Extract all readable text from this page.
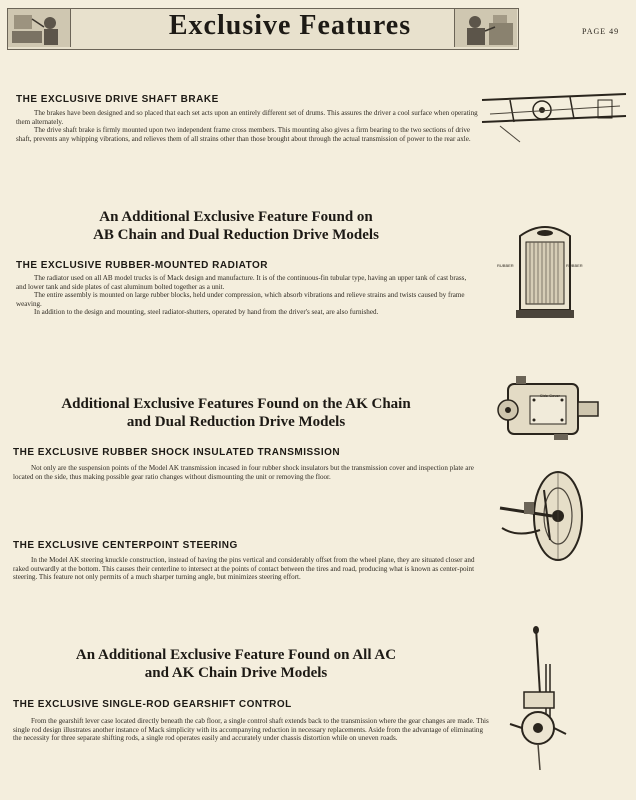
Exclusive Features	PAGE 49
THE EXCLUSIVE DRIVE SHAFT BRAKE

The brakes have been designed and so placed that each set acts upon an entirely different set of drums. This assures the driver a cool surface when operating them alternately.

The drive shaft brake is firmly mounted upon two independent frame cross members. This mounting also gives a firm bearing to the two sections of drive shaft, prevents any whipping vibrations, and relieves them of all strains other than those brought about through the actual transmission of power to the rear axle.

An Additional Exclusive Feature Found on
AB Chain and Dual Reduction Drive Models
THE EXCLUSIVE RUBBER-MOUNTED RADIATOR

The radiator used on all AB model trucks is of Mack design and manufacture. It is of the continuous-fin tubular type, having an upper tank of cast brass, and lower tank and side plates of cast aluminum bolted together as a unit.

The entire assembly is mounted on large rubber blocks, held under compression, which absorb vibrations and relieve strains and twists caused by frame weaving.

In addition to the design and mounting, steel radiator-shutters, operated by hand from the driver's seat, are also furnished.

RUBBER	RUBBER
Additional Exclusive Features Found on the AK Chain
and Dual Reduction Drive Models
Side Cover
THE EXCLUSIVE RUBBER SHOCK INSULATED TRANSMISSION

Not only are the suspension points of the Model AK transmission incased in four rubber shock insulators but the transmission cover and inspection plate are located on the side, thus making possible gear ratio changes without dismounting the unit or removing the floor.

THE EXCLUSIVE CENTERPOINT STEERING

In the Model AK steering knuckle construction, instead of having the pins vertical and considerably offset from the wheel plane, they are situated closer and raked outwardly at the bottom. This causes their centerline to intersect at the points of contact between the tires and road, producing what is known as center-point steering. This feature not only permits of a much sharper turning angle, but minimizes steering effort.

An Additional Exclusive Feature Found on All AC
and AK Chain Drive Models
THE EXCLUSIVE SINGLE-ROD GEARSHIFT CONTROL

From the gearshift lever case located directly beneath the cab floor, a single control shaft extends back to the transmission where the gear changes are made. This single rod design illustrates another instance of Mack simplicity with its accompanying reduction in necessary replacements. Aside from the advantage of eliminating the necessity for three separate shifting rods, a single rod operates easily and accurately under chassis distortion while on uneven roads.
